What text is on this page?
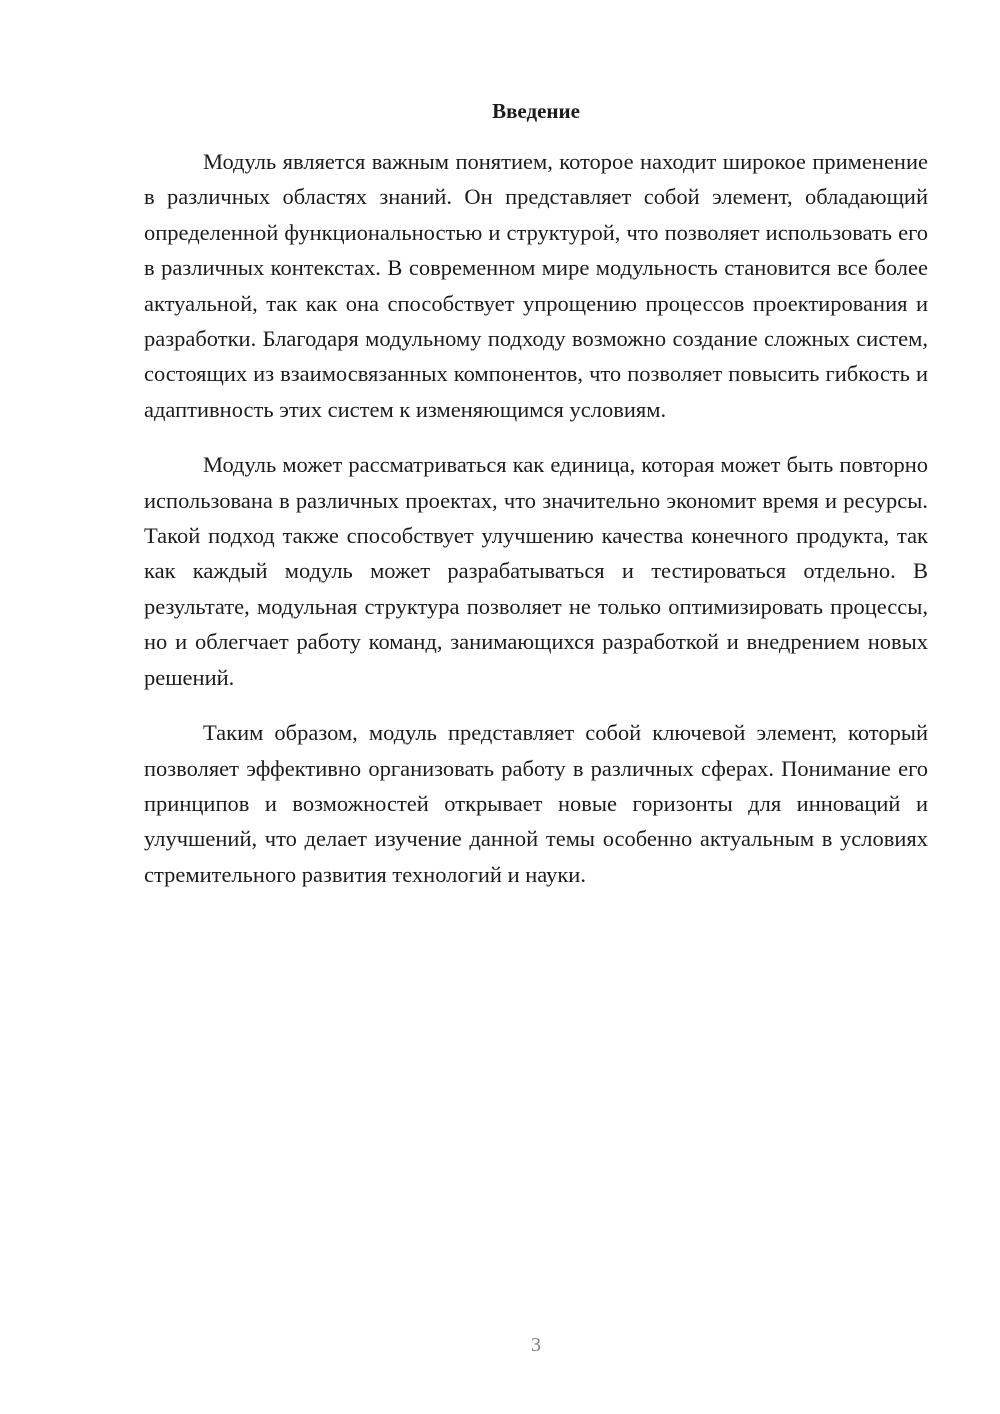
Введение

Модуль является важным понятием, которое находит широкое применение в различных областях знаний. Он представляет собой элемент, обладающий определенной функциональностью и структурой, что позволяет использовать его в различных контекстах. В современном мире модульность становится все более актуальной, так как она способствует упрощению процессов проектирования и разработки. Благодаря модульному подходу возможно создание сложных систем, состоящих из взаимосвязанных компонентов, что позволяет повысить гибкость и адаптивность этих систем к изменяющимся условиям.

Модуль может рассматриваться как единица, которая может быть повторно использована в различных проектах, что значительно экономит время и ресурсы. Такой подход также способствует улучшению качества конечного продукта, так как каждый модуль может разрабатываться и тестироваться отдельно. В результате, модульная структура позволяет не только оптимизировать процессы, но и облегчает работу команд, занимающихся разработкой и внедрением новых решений.

Таким образом, модуль представляет собой ключевой элемент, который позволяет эффективно организовать работу в различных сферах. Понимание его принципов и возможностей открывает новые горизонты для инноваций и улучшений, что делает изучение данной темы особенно актуальным в условиях стремительного развития технологий и науки.

3
